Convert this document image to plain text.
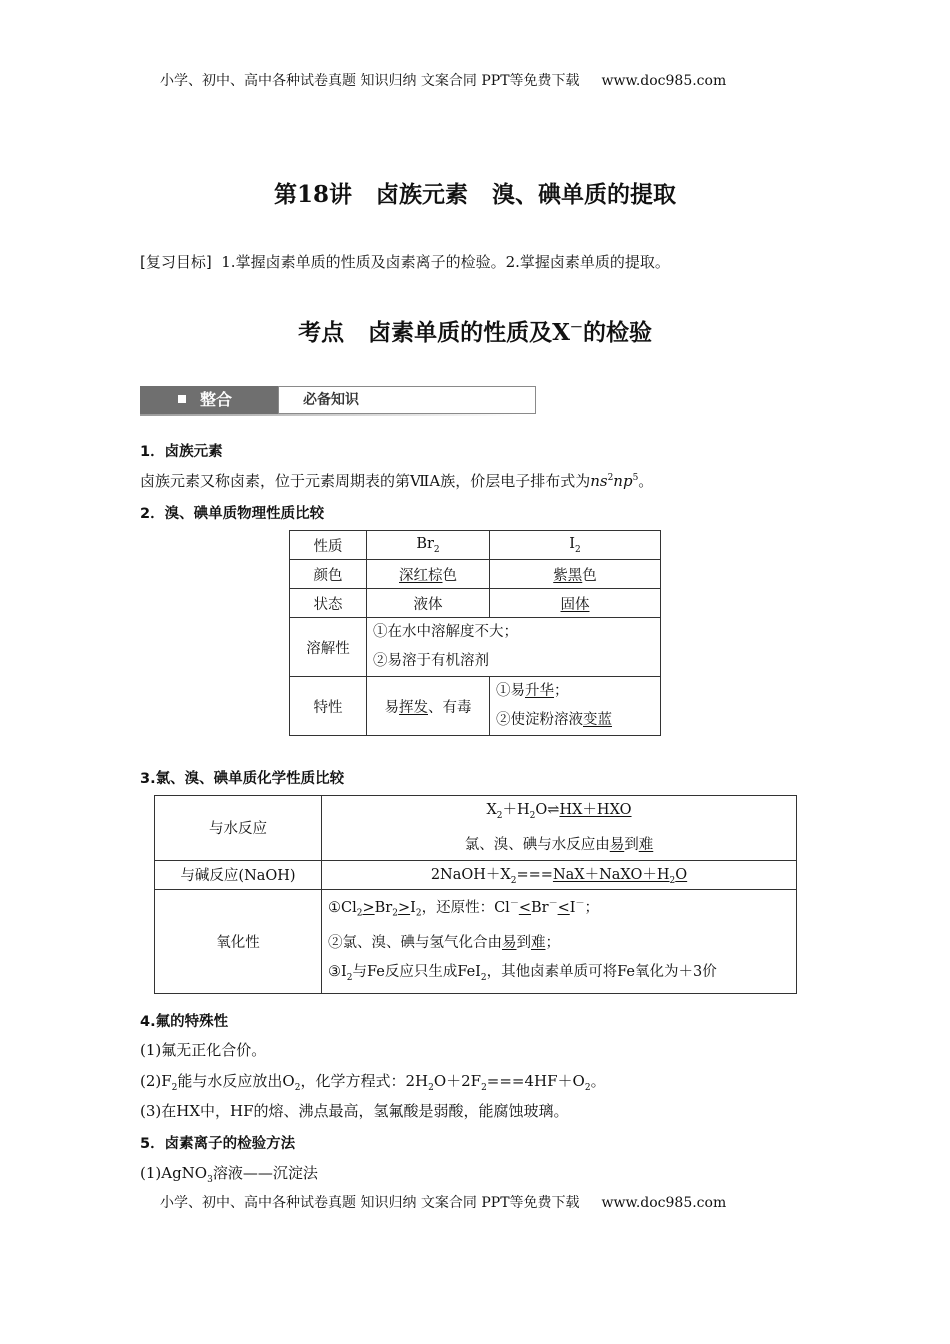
小学、初中、高中各种试卷真题 知识归纳 文案合同 PPT等免费下载 www.doc985.com
第18讲 卤族元素 溴、碘单质的提取
[复习目标] 1.掌握卤素单质的性质及卤素离子的检验。2.掌握卤素单质的提取。
考点 卤素单质的性质及X－的检验
整合	必备知识
1．卤族元素
卤族元素又称卤素，位于元素周期表的第ⅦA族，价层电子排布式为$ns^2np^5$。
2．溴、碘单质物理性质比较
性质	$Br_2$	$I_2$
颜色	深红棕色	紫黑色
状态	液体	固体
溶解性	①在水中溶解度不大；
②易溶于有机溶剂	

特性	易挥发、有毒	①易升华；
②使淀粉溶液变蓝
3.氯、溴、碘单质化学性质比较
与水反应	$X_2+H_2O\rightleftharpoons HX+HXO$
氯、溴、碘与水反应由易到难

与碱反应(NaOH)	$2NaOH+X_2===NaX+NaXO+H_2O$
氧化性	$①Cl_2>Br_2>I_2$，还原性：Cl－<Br－<I－；
②氯、溴、碘与氢气化合由易到难；
$③I_2$与Fe反应只生成FeI$_2$，其他卤素单质可将Fe氧化为＋3价
4.氟的特殊性
(1)氟无正化合价。
$(2)F_2$能与水反应放出$O_2$，化学方程式：$2H_2O+2F_2===4HF+O_2$。
(3)在HX中，HF的熔、沸点最高，氢氟酸是弱酸，能腐蚀玻璃。
5．卤素离子的检验方法
(1)AgNO$_3$溶液——沉淀法
小学、初中、高中各种试卷真题 知识归纳 文案合同 PPT等免费下载 www.doc985.com
